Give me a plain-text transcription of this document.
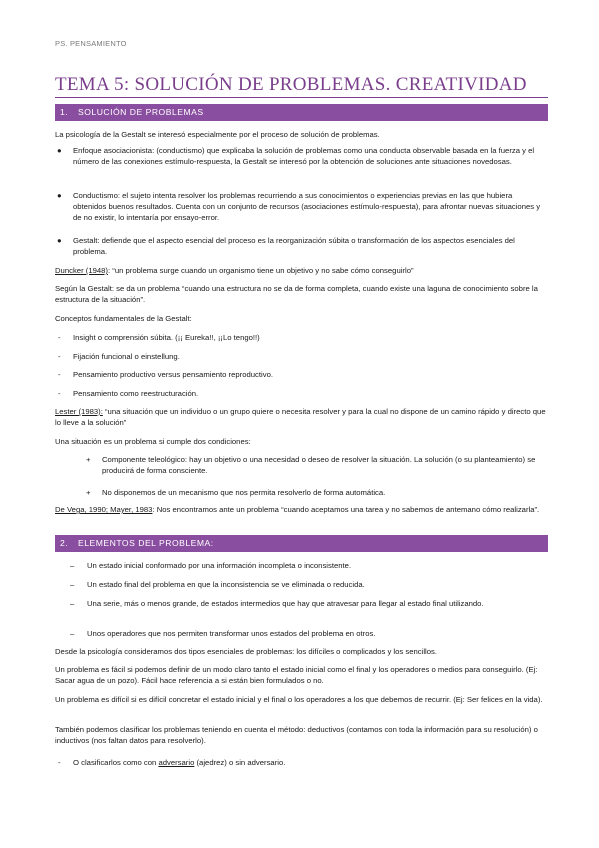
PS. PENSAMIENTO
TEMA 5: SOLUCIÓN DE PROBLEMAS. CREATIVIDAD
1. SOLUCIÓN DE PROBLEMAS
La psicología de la Gestalt se interesó especialmente por el proceso de solución de problemas.
● Enfoque asociacionista: (conductismo) que explicaba la solución de problemas como una conducta observable basada en la fuerza y el número de las conexiones estímulo-respuesta, la Gestalt se interesó por la obtención de soluciones ante situaciones novedosas.
● Conductismo: el sujeto intenta resolver los problemas recurriendo a sus conocimientos o experiencias previas en las que hubiera obtenidos buenos resultados. Cuenta con un conjunto de recursos (asociaciones estímulo-respuesta), para afrontar nuevas situaciones y de no existir, lo intentaría por ensayo-error.
● Gestalt: defiende que el aspecto esencial del proceso es la reorganización súbita o transformación de los aspectos esenciales del problema.
Duncker (1948): “un problema surge cuando un organismo tiene un objetivo y no sabe cómo conseguirlo”
Según la Gestalt: se da un problema “cuando una estructura no se da de forma completa, cuando existe una laguna de conocimiento sobre la estructura de la situación”.
Conceptos fundamentales de la Gestalt:
- Insight o comprensión súbita. (¡¡ Eureka!!, ¡¡Lo tengo!!)
- Fijación funcional o einstellung.
- Pensamiento productivo versus pensamiento reproductivo.
- Pensamiento como reestructuración.
Lester (1983): “una situación que un individuo o un grupo quiere o necesita resolver y para la cual no dispone de un camino rápido y directo que lo lleve a la solución”
Una situación es un problema si cumple dos condiciones:
+ Componente teleológico: hay un objetivo o una necesidad o deseo de resolver la situación. La solución (o su planteamiento) se producirá de forma consciente.
+ No disponemos de un mecanismo que nos permita resolverlo de forma automática.
De Vega, 1990; Mayer, 1983: Nos encontramos ante un problema “cuando aceptamos una tarea y no sabemos de antemano cómo realizarla”.
2. ELEMENTOS DEL PROBLEMA:
– Un estado inicial conformado por una información incompleta o inconsistente.
– Un estado final del problema en que la inconsistencia se ve eliminada o reducida.
– Una serie, más o menos grande, de estados intermedios que hay que atravesar para llegar al estado final utilizando.
– Unos operadores que nos permiten transformar unos estados del problema en otros.
Desde la psicología consideramos dos tipos esenciales de problemas: los difíciles o complicados y los sencillos.
Un problema es fácil si podemos definir de un modo claro tanto el estado inicial como el final y los operadores o medios para conseguirlo. (Ej: Sacar agua de un pozo). Fácil hace referencia a si están bien formulados o no.
Un problema es difícil si es difícil concretar el estado inicial y el final o los operadores a los que debemos de recurrir. (Ej: Ser felices en la vida).
También podemos clasificar los problemas teniendo en cuenta el método: deductivos (contamos con toda la información para su resolución) o inductivos (nos faltan datos para resolverlo).
- O clasificarlos como con adversario (ajedrez) o sin adversario.
